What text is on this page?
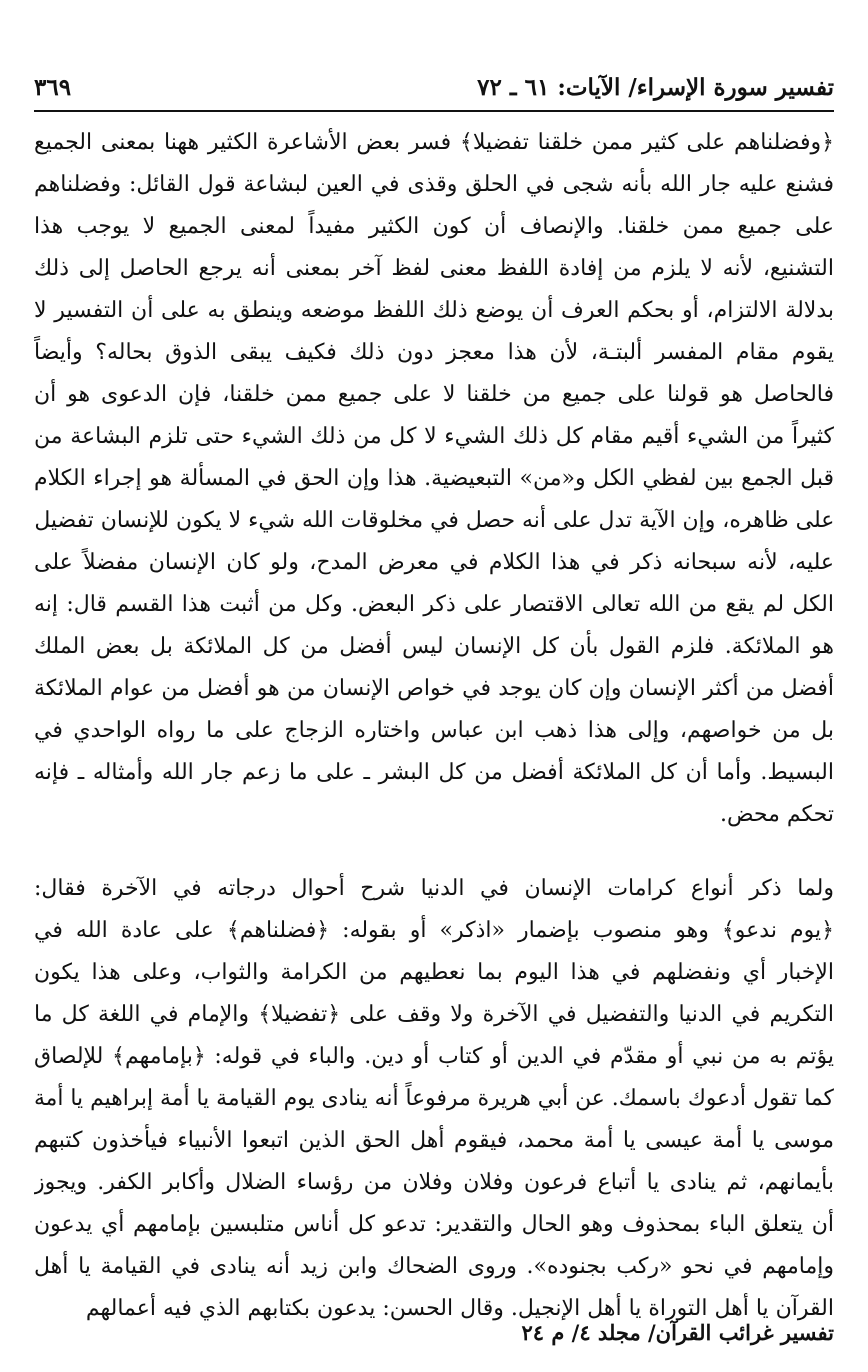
تفسير سورة الإسراء/ الآيات: ٦١ ـ ٧٢
٣٦٩
﴿وفضلناهم على كثير ممن خلقنا تفضيلا﴾ فسر بعض الأشاعرة الكثير ههنا بمعنى الجميع
فشنع عليه جار الله بأنه شجى في الحلق وقذى في العين لبشاعة قول القائل: وفضلناهم
على جميع ممن خلقنا. والإنصاف أن كون الكثير مفيداً لمعنى الجميع لا يوجب هذا
التشنيع، لأنه لا يلزم من إفادة اللفظ معنى لفظ آخر بمعنى أنه يرجع الحاصل إلى ذلك
بدلالة الالتزام، أو بحكم العرف أن يوضع ذلك اللفظ موضعه وينطق به على أن التفسير لا
يقوم مقام المفسر ألبتـة، لأن هذا معجز دون ذلك فكيف يبقى الذوق بحاله؟ وأيضاً
فالحاصل هو قولنا على جميع من خلقنا لا على جميع ممن خلقنا، فإن الدعوى هو أن
كثيراً من الشيء أقيم مقام كل ذلك الشيء لا كل من ذلك الشيء حتى تلزم البشاعة من
قبل الجمع بين لفظي الكل و«من» التبعيضية. هذا وإن الحق في المسألة هو إجراء الكلام
على ظاهره، وإن الآية تدل على أنه حصل في مخلوقات الله شيء لا يكون للإنسان تفضيل
عليه، لأنه سبحانه ذكر في هذا الكلام في معرض المدح، ولو كان الإنسان مفضلاً على
الكل لم يقع من الله تعالى الاقتصار على ذكر البعض. وكل من أثبت هذا القسم قال: إنه
هو الملائكة. فلزم القول بأن كل الإنسان ليس أفضل من كل الملائكة بل بعض الملك
أفضل من أكثر الإنسان وإن كان يوجد في خواص الإنسان من هو أفضل من عوام الملائكة
بل من خواصهم، وإلى هذا ذهب ابن عباس واختاره الزجاج على ما رواه الواحدي في
البسيط. وأما أن كل الملائكة أفضل من كل البشر ـ على ما زعم جار الله وأمثاله ـ فإنه
تحكم محض.
ولما ذكر أنواع كرامات الإنسان في الدنيا شرح أحوال درجاته في الآخرة فقال:
﴿يوم ندعو﴾ وهو منصوب بإضمار «اذكر» أو بقوله: ﴿فضلناهم﴾ على عادة الله في
الإخبار أي ونفضلهم في هذا اليوم بما نعطيهم من الكرامة والثواب، وعلى هذا يكون
التكريم في الدنيا والتفضيل في الآخرة ولا وقف على ﴿تفضيلا﴾ والإمام في اللغة كل ما
يؤتم به من نبي أو مقدّم في الدين أو كتاب أو دين. والباء في قوله: ﴿بإمامهم﴾ للإلصاق
كما تقول أدعوك باسمك. عن أبي هريرة مرفوعاً أنه ينادى يوم القيامة يا أمة إبراهيم يا أمة
موسى يا أمة عيسى يا أمة محمد، فيقوم أهل الحق الذين اتبعوا الأنبياء فيأخذون كتبهم
بأيمانهم، ثم ينادى يا أتباع فرعون وفلان وفلان من رؤساء الضلال وأكابر الكفر. ويجوز
أن يتعلق الباء بمحذوف وهو الحال والتقدير: تدعو كل أناس متلبسين بإمامهم أي يدعون
وإمامهم في نحو «ركب بجنوده». وروى الضحاك وابن زيد أنه ينادى في القيامة يا أهل
القرآن يا أهل التوراة يا أهل الإنجيل. وقال الحسن: يدعون بكتابهم الذي فيه أعمالهم
تفسير غرائب القرآن/ مجلد ٤/ م ٢٤
